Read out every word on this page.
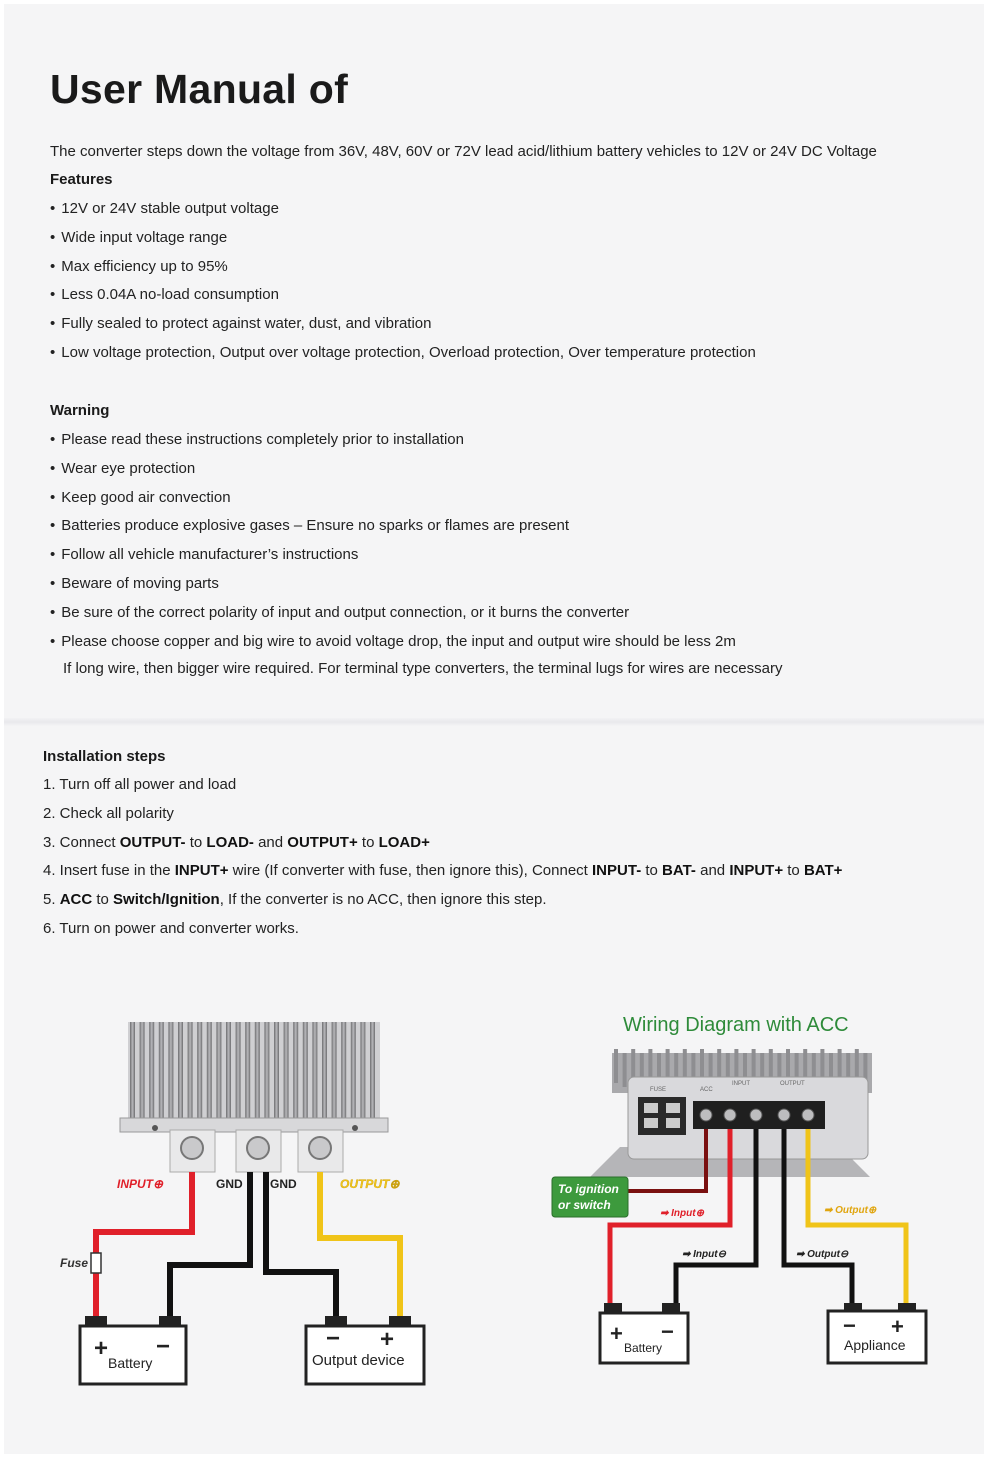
User Manual of
The converter steps down the voltage from 36V, 48V, 60V or 72V lead acid/lithium battery vehicles to 12V or 24V DC Voltage
Features
• 12V or 24V stable output voltage
• Wide input voltage range
• Max efficiency up to 95%
• Less 0.04A no-load consumption
• Fully sealed to protect against water, dust, and vibration
• Low voltage protection, Output over voltage protection, Overload protection, Over temperature protection
Warning
• Please read these instructions completely prior to installation
• Wear eye protection
• Keep good air convection
• Batteries produce explosive gases – Ensure no sparks or flames are present
• Follow all vehicle manufacturer’s instructions
• Beware of moving parts
• Be sure of the correct polarity of input and output connection, or it burns the converter
• Please choose copper and big wire to avoid voltage drop, the input and output wire should be less 2m
If long wire, then bigger wire required. For terminal type converters, the terminal lugs for wires are necessary
Installation steps
1. Turn off all power and load
2. Check all polarity
3. Connect OUTPUT- to LOAD- and OUTPUT+ to LOAD+
4. Insert fuse in the INPUT+ wire (If converter with fuse, then ignore this), Connect INPUT- to BAT- and INPUT+ to BAT+
5. ACC to Switch/Ignition, If the converter is no ACC, then ignore this step.
6. Turn on power and converter works.
Fuse
INPUT⊕	GND GND	OUTPUT⊕
+ −
Battery
− +
Output device
Wiring Diagram with ACC
FUSE	ACC
INPUT	OUTPUT
To ignition
or switch
➡ Input⊕
➡ Input⊖
➡ Output⊕
➡ Output⊖
+ −
Battery
− +
Appliance
